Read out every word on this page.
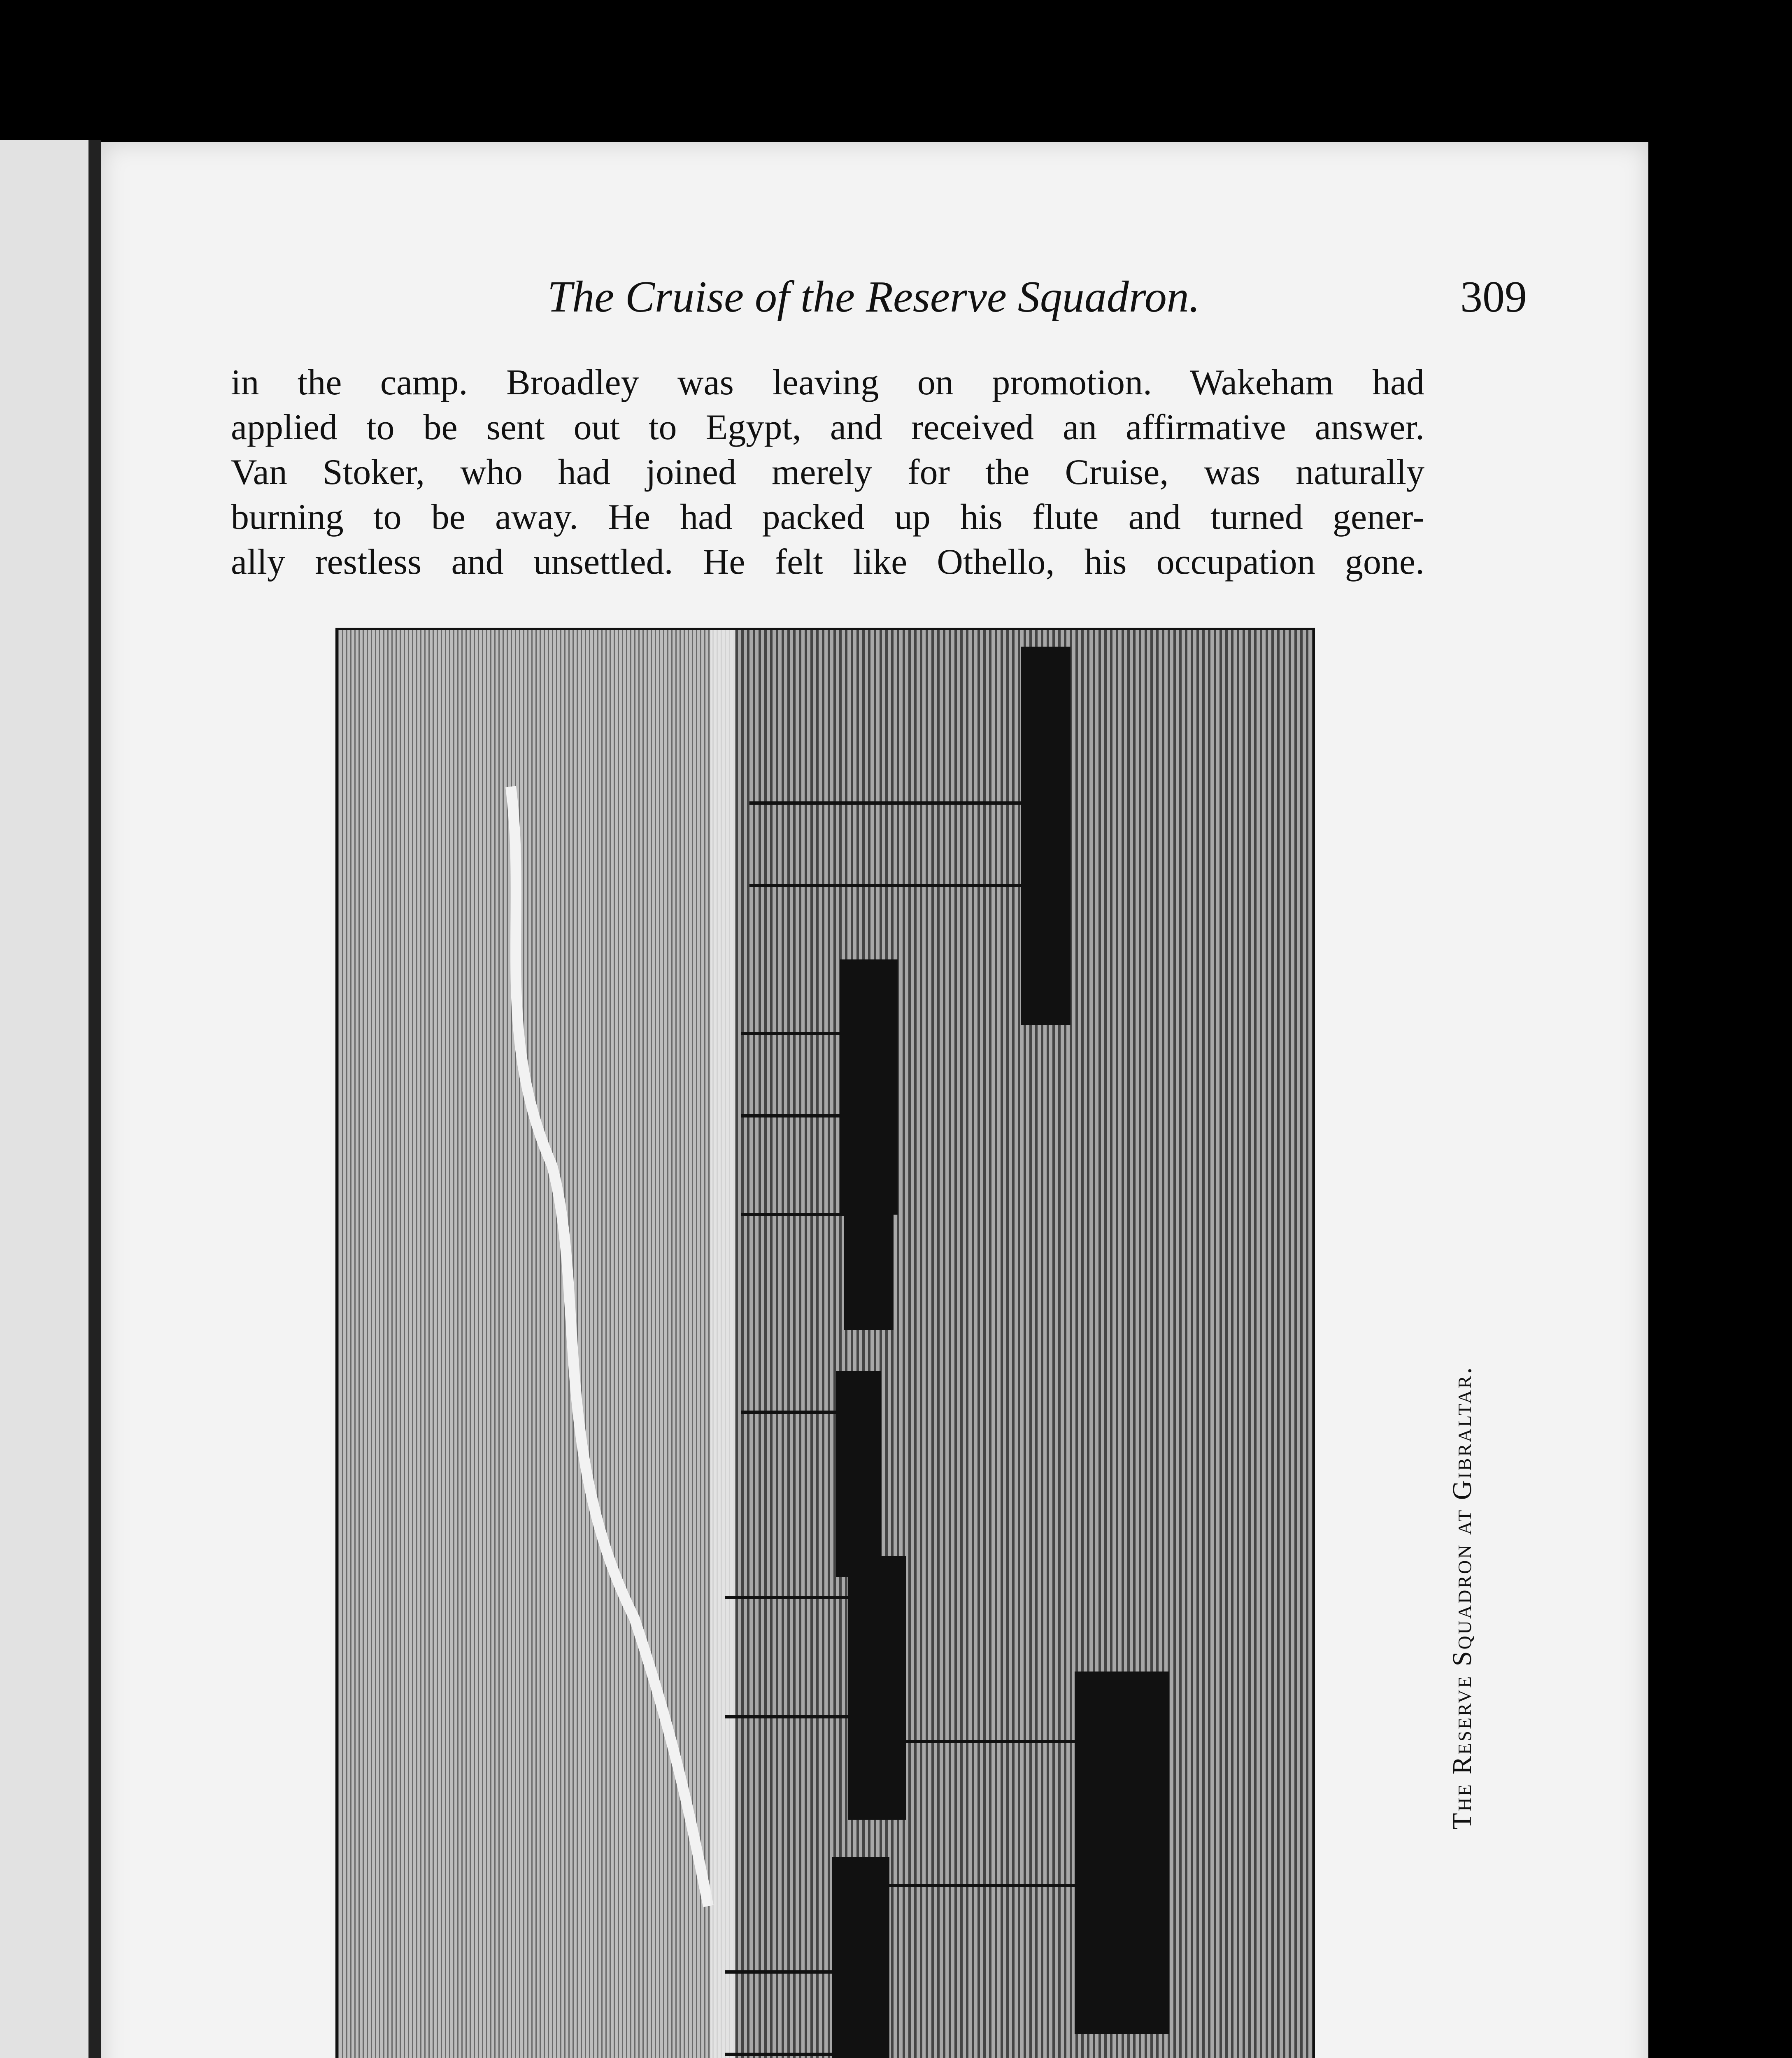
The Cruise of the Reserve Squadron.	309
in the camp. Broadley was leaving on promotion. Wakeham had
applied to be sent out to Egypt, and received an affirmative answer.
Van Stoker, who had joined merely for the Cruise, was naturally
burning to be away. He had packed up his flute and turned gener-
ally restless and unsettled. He felt like Othello, his occupation gone.
The Reserve Squadron at Gibraltar.
